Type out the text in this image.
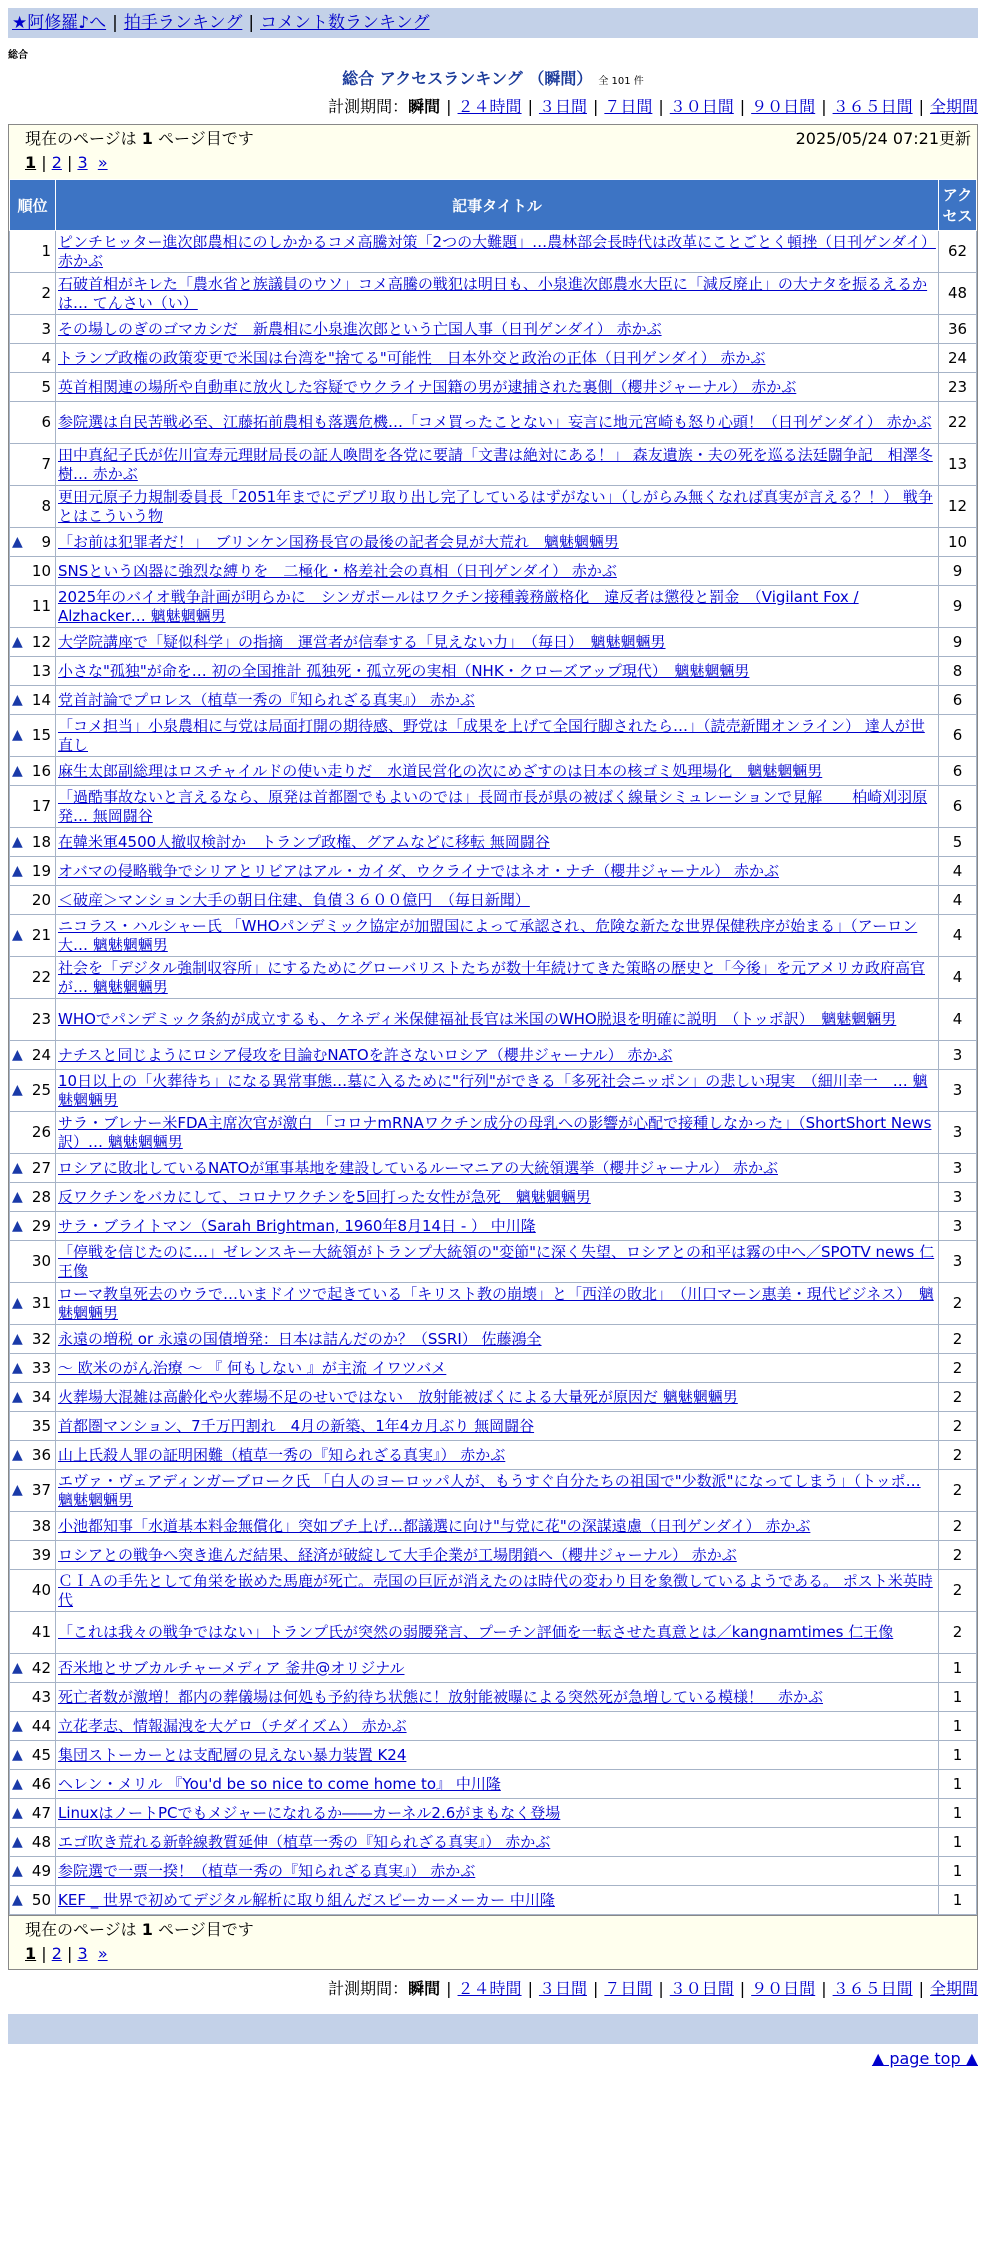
★阿修羅♪へ | 拍手ランキング | コメント数ランキング
総合
総合 アクセスランキング （瞬間） 全 101 件
計測期間：瞬間 | ２４時間 | ３日間 | ７日間 | ３０日間 | ９０日間 | ３６５日間 | 全期間
現在のページは 1 ページ目です	2025/05/24 07:21更新
1 | 2 | 3 »
順位	記事タイトル	アクセス
1	ピンチヒッター進次郎農相にのしかかるコメ高騰対策「2つの大難題」…農林部会長時代は改革にことごとく頓挫（日刊ゲンダイ） 赤かぶ	62
2	石破首相がキレた「農水省と族議員のウソ」コメ高騰の戦犯は明日も、小泉進次郎農水大臣に「減反廃止」の大ナタを振るえるかは… てんさい（い）	48
3	その場しのぎのゴマカシだ　新農相に小泉進次郎という亡国人事（日刊ゲンダイ） 赤かぶ	36
4	トランプ政権の政策変更で米国は台湾を"捨てる"可能性　日本外交と政治の正体（日刊ゲンダイ） 赤かぶ	24
5	英首相関連の場所や自動車に放火した容疑でウクライナ国籍の男が逮捕された裏側（櫻井ジャーナル） 赤かぶ	23
6	参院選は自民苦戦必至、江藤拓前農相も落選危機…「コメ買ったことない」妄言に地元宮崎も怒り心頭！（日刊ゲンダイ） 赤かぶ	22
7	田中真紀子氏が佐川宣寿元理財局長の証人喚問を各党に要請「文書は絶対にある！」 森友遺族・夫の死を巡る法廷闘争記　相澤冬樹… 赤かぶ	13
8	更田元原子力規制委員長「2051年までにデブリ取り出し完了しているはずがない」（しがらみ無くなれば真実が言える？！） 戦争とはこういう物	12

▲ 9	「お前は犯罪者だ！」　ブリンケン国務長官の最後の記者会見が大荒れ　魑魅魍魎男	10
10	SNSという凶器に強烈な縛りを　二極化・格差社会の真相（日刊ゲンダイ） 赤かぶ	9
11	2025年のバイオ戦争計画が明らかに　シンガポールはワクチン接種義務厳格化　違反者は懲役と罰金　（Vigilant Fox / Alzhacker… 魑魅魍魎男	9

▲ 12	大学院講座で「疑似科学」の指摘　運営者が信奉する「見えない力」　（毎日）　魑魅魍魎男	9
13	小さな"孤独"が命を… 初の全国推計 孤独死・孤立死の実相（NHK・クローズアップ現代）　魑魅魍魎男	8

▲ 14	党首討論でプロレス（植草一秀の『知られざる真実』） 赤かぶ	6

▲ 15	「コメ担当」小泉農相に与党は局面打開の期待感、野党は「成果を上げて全国行脚されたら…」（読売新聞オンライン） 達人が世直し	6

▲ 16	麻生太郎副総理はロスチャイルドの使い走りだ　水道民営化の次にめざすのは日本の核ゴミ処理場化　魑魅魍魎男	6
17	「過酷事故ないと言えるなら、原発は首都圏でもよいのでは」長岡市長が県の被ばく線量シミュレーションで見解　　柏崎刈羽原発… 無岡闘谷	6

▲ 18	在韓米軍4500人撤収検討か　トランプ政権、グアムなどに移転 無岡闘谷	5

▲ 19	オバマの侵略戦争でシリアとリビアはアル・カイダ、ウクライナではネオ・ナチ（櫻井ジャーナル） 赤かぶ	4
20	＜破産＞マンション大手の朝日住建、負債３６００億円　（毎日新聞）	4

▲ 21	ニコラス・ハルシャー氏 「WHOパンデミック協定が加盟国によって承認され、危険な新たな世界保健秩序が始まる」（アーロン大… 魑魅魍魎男	4
22	社会を「デジタル強制収容所」にするためにグローバリストたちが数十年続けてきた策略の歴史と「今後」を元アメリカ政府高官が… 魑魅魍魎男	4
23	WHOでパンデミック条約が成立するも、ケネディ米保健福祉長官は米国のWHO脱退を明確に説明　（トッポ訳）　魑魅魍魎男	4

▲ 24	ナチスと同じようにロシア侵攻を目論むNATOを許さないロシア（櫻井ジャーナル） 赤かぶ	3

▲ 25	10日以上の「火葬待ち」になる異常事態…墓に入るために"行列"ができる「多死社会ニッポン」の悲しい現実　（細川幸一　… 魑魅魍魎男	3
26	サラ・ブレナー米FDA主席次官が激白 「コロナmRNAワクチン成分の母乳への影響が心配で接種しなかった」（ShortShort News訳）… 魑魅魍魎男	3

▲ 27	ロシアに敗北しているNATOが軍事基地を建設しているルーマニアの大統領選挙（櫻井ジャーナル） 赤かぶ	3

▲ 28	反ワクチンをバカにして、コロナワクチンを5回打った女性が急死　魑魅魍魎男	3

▲ 29	サラ・ブライトマン（Sarah Brightman, 1960年8月14日 - ） 中川隆	3
30	「停戦を信じたのに…」ゼレンスキー大統領がトランプ大統領の"変節"に深く失望、ロシアとの和平は霧の中へ／SPOTV news 仁王像	3

▲ 31	ローマ教皇死去のウラで…いまドイツで起きている「キリスト教の崩壊」と「西洋の敗北」　（川口マーン惠美・現代ビジネス）　魑魅魍魎男	2

▲ 32	永遠の増税 or 永遠の国債増発：日本は詰んだのか？（SSRI） 佐藤鴻全	2

▲ 33	～ 欧米のがん治療 ～ 『 何もしない 』が主流 イワツバメ	2

▲ 34	火葬場大混雑は高齢化や火葬場不足のせいではない　放射能被ばくによる大量死が原因だ 魑魅魍魎男	2
35	首都圏マンション、7千万円割れ　4月の新築、1年4カ月ぶり 無岡闘谷	2

▲ 36	山上氏殺人罪の証明困難（植草一秀の『知られざる真実』） 赤かぶ	2

▲ 37	エヴァ・ヴェアディンガーブローク氏 「白人のヨーロッパ人が、もうすぐ自分たちの祖国で"少数派"になってしまう」（トッポ… 魑魅魍魎男	2
38	小池都知事「水道基本料金無償化」突如ブチ上げ…都議選に向け"与党に花"の深謀遠慮（日刊ゲンダイ） 赤かぶ	2
39	ロシアとの戦争へ突き進んだ結果、経済が破綻して大手企業が工場閉鎖へ（櫻井ジャーナル） 赤かぶ	2
40	ＣＩＡの手先として角栄を嵌めた馬鹿が死亡。売国の巨匠が消えたのは時代の変わり目を象徴しているようである。 ポスト米英時代	2
41	「これは我々の戦争ではない」トランプ氏が突然の弱腰発言、プーチン評価を一転させた真意とは／kangnamtimes 仁王像	2

▲ 42	否米地とサブカルチャーメディア 釜井@オリジナル	1
43	死亡者数が激増！都内の葬儀場は何処も予約待ち状態に！放射能被曝による突然死が急増している模様！　赤かぶ	1

▲ 44	立花孝志、情報漏洩を大ゲロ（チダイズム） 赤かぶ	1

▲ 45	集団ストーカーとは支配層の見えない暴力装置 K24	1

▲ 46	ヘレン・メリル 『You'd be so nice to come home to』 中川隆	1

▲ 47	LinuxはノートPCでもメジャーになれるか――カーネル2.6がまもなく登場	1

▲ 48	エゴ吹き荒れる新幹線教質延伸（植草一秀の『知られざる真実』） 赤かぶ	1

▲ 49	参院選で一票一揆！（植草一秀の『知られざる真実』） 赤かぶ	1

▲ 50	KEF _ 世界で初めてデジタル解析に取り組んだスピーカーメーカー 中川隆	1
現在のページは 1 ページ目です
1 | 2 | 3 »
計測期間：瞬間 | ２４時間 | ３日間 | ７日間 | ３０日間 | ９０日間 | ３６５日間 | 全期間
▲ page top ▲
